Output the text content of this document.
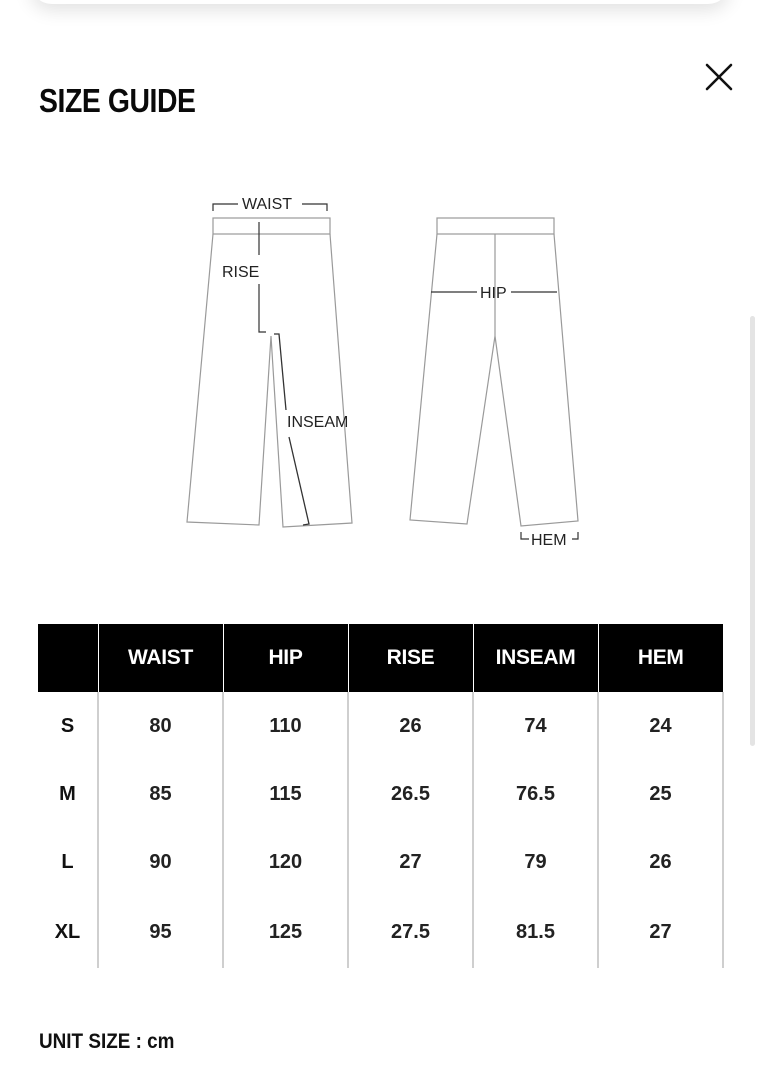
SIZE GUIDE
WAIST
RISE
INSEAM
HIP
HEM
	WAIST	HIP	RISE	INSEAM	HEM
S	80	110	26	74	24
M	85	115	26.5	76.5	25
L	90	120	27	79	26
XL	95	125	27.5	81.5	27

UNIT SIZE : cm
